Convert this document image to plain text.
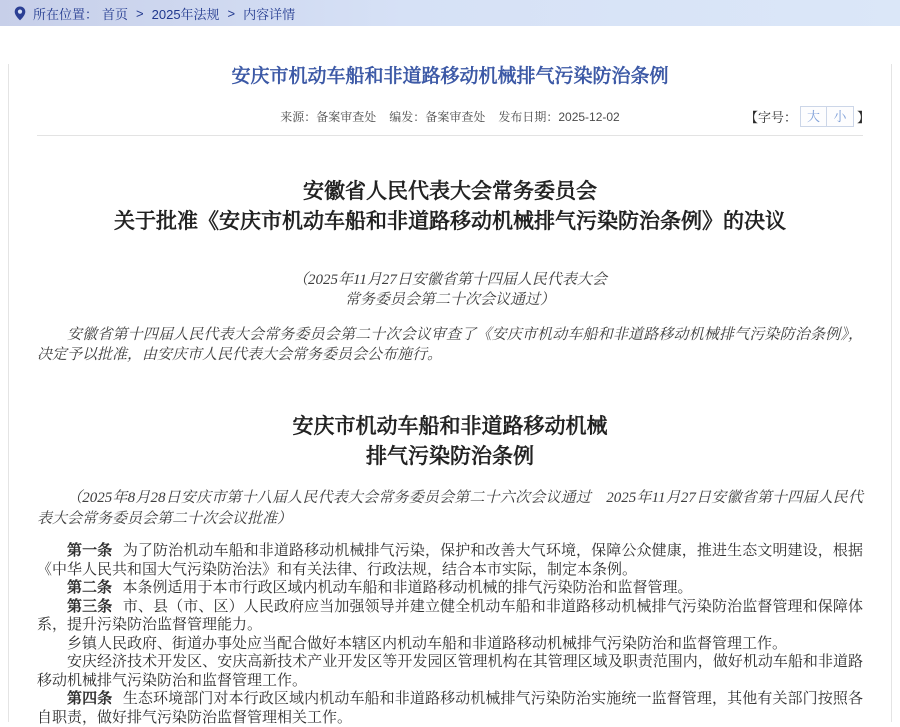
所在位置： 首页 > 2025年法规 > 内容详情
安庆市机动车船和非道路移动机械排气污染防治条例
来源：备案审查处 编发：备案审查处 发布日期：2025-12-02	【字号： 大	小 】
安徽省人民代表大会常务委员会
关于批准《安庆市机动车船和非道路移动机械排气污染防治条例》的决议
（2025年11月27日安徽省第十四届人民代表大会
常务委员会第二十次会议通过）

安徽省第十四届人民代表大会常务委员会第二十次会议审查了《安庆市机动车船和非道路移动机械排气污染防治条例》，决定予以批准，由安庆市人民代表大会常务委员会公布施行。

安庆市机动车船和非道路移动机械
排气污染防治条例

（2025年8月28日安庆市第十八届人民代表大会常务委员会第二十六次会议通过　2025年11月27日安徽省第十四届人民代表大会常务委员会第二十次会议批准）

第一条 为了防治机动车船和非道路移动机械排气污染，保护和改善大气环境，保障公众健康，推进生态文明建设，根据《中华人民共和国大气污染防治法》和有关法律、行政法规，结合本市实际，制定本条例。

第二条 本条例适用于本市行政区域内机动车船和非道路移动机械的排气污染防治和监督管理。

第三条 市、县（市、区）人民政府应当加强领导并建立健全机动车船和非道路移动机械排气污染防治监督管理和保障体系，提升污染防治监督管理能力。

乡镇人民政府、街道办事处应当配合做好本辖区内机动车船和非道路移动机械排气污染防治和监督管理工作。

安庆经济技术开发区、安庆高新技术产业开发区等开发园区管理机构在其管理区域及职责范围内，做好机动车船和非道路移动机械排气污染防治和监督管理工作。

第四条 生态环境部门对本行政区域内机动车船和非道路移动机械排气污染防治实施统一监督管理，其他有关部门按照各自职责，做好排气污染防治监督管理相关工作。
